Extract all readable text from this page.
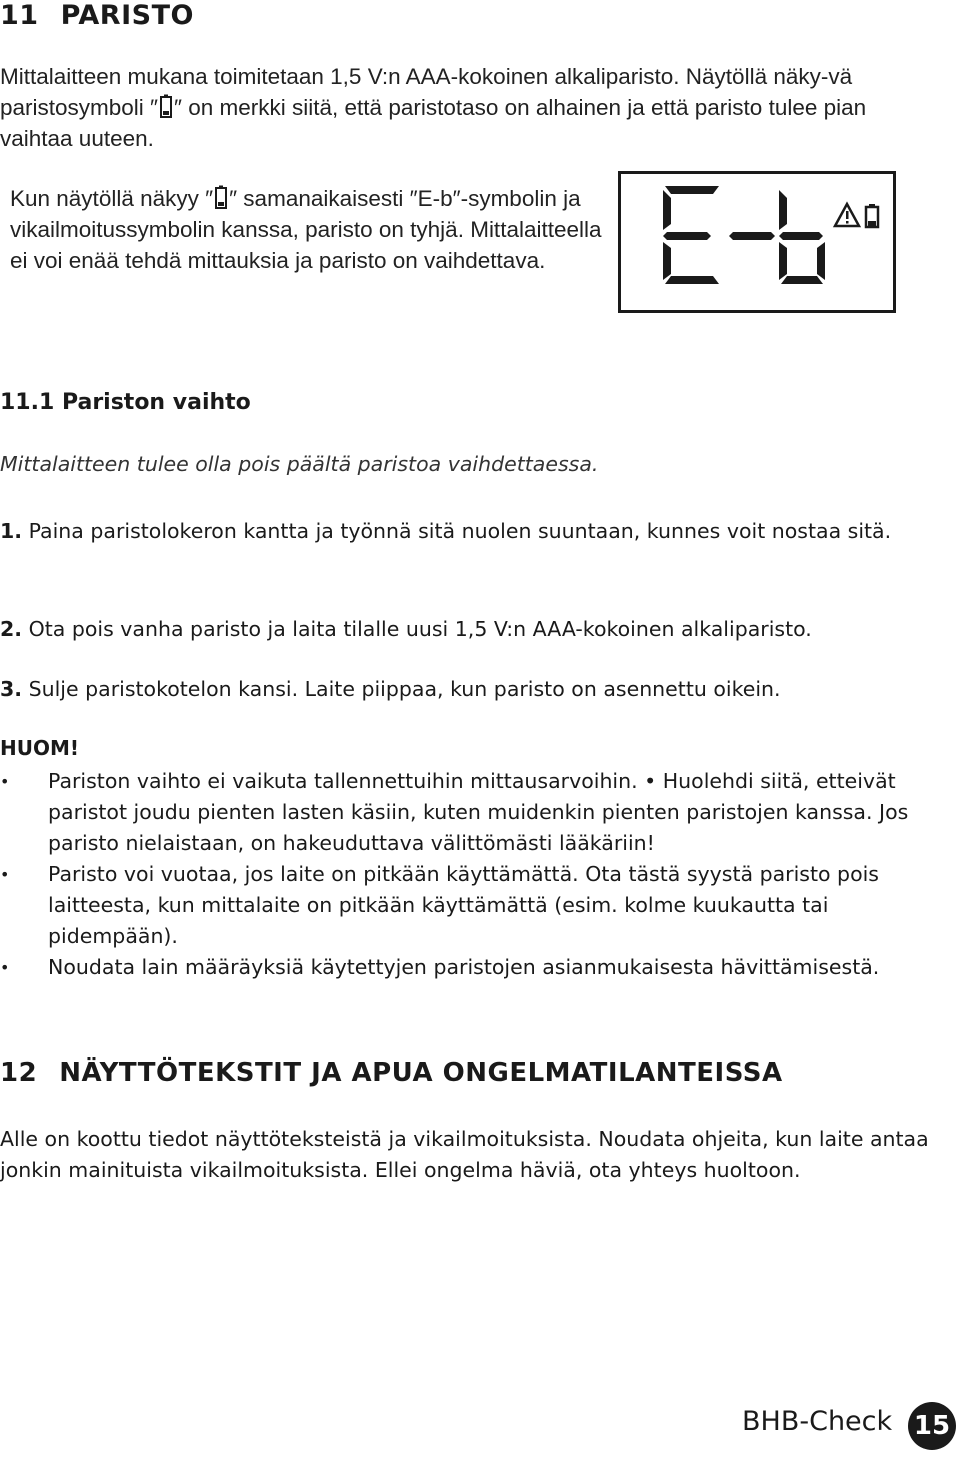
11 PARISTO

Mittalaitteen mukana toimitetaan 1,5 V:n AAA-kokoinen alkaliparisto. Näytöllä näky-vä paristosymboli ″ ″ on merkki siitä, että paristotaso on alhainen ja että paristo tulee pian vaihtaa uuteen.

Kun näytöllä näkyy ″ ″ samanaikaisesti ″E-b″-symbolin ja vikailmoitussymbolin kanssa, paristo on tyhjä. Mittalaitteella ei voi enää tehdä mittauksia ja paristo on vaihdettava.

11.1 Pariston vaihto

Mittalaitteen tulee olla pois päältä paristoa vaihdettaessa.

1. Paina paristolokeron kantta ja työnnä sitä nuolen suuntaan, kunnes voit nostaa sitä.

2. Ota pois vanha paristo ja laita tilalle uusi 1,5 V:n AAA-kokoinen alkaliparisto.

3. Sulje paristokotelon kansi. Laite piippaa, kun paristo on asennettu oikein.

HUOM!

• Pariston vaihto ei vaikuta tallennettuihin mittausarvoihin. • Huolehdi siitä, etteivät paristot joudu pienten lasten käsiin, kuten muidenkin pienten paristojen kanssa. Jos paristo nielaistaan, on hakeuduttava välittömästi lääkäriin!
• Paristo voi vuotaa, jos laite on pitkään käyttämättä. Ota tästä syystä paristo pois laitteesta, kun mittalaite on pitkään käyttämättä (esim. kolme kuukautta tai pidempään).
• Noudata lain määräyksiä käytettyjen paristojen asianmukaisesta hävittämisestä.
12 NÄYTTÖTEKSTIT JA APUA ONGELMATILANTEISSA

Alle on koottu tiedot näyttöteksteistä ja vikailmoituksista. Noudata ohjeita, kun laite antaa jonkin mainituista vikailmoituksista. Ellei ongelma häviä, ota yhteys huoltoon.

BHB-Check 15
